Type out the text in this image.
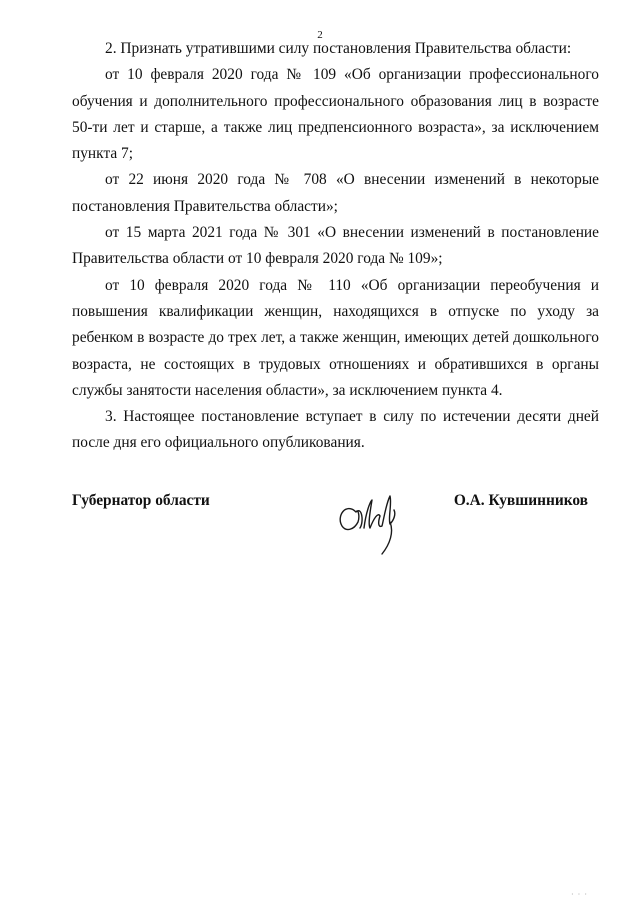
2

2. Признать утратившими силу постановления Правительства области:

от 10 февраля 2020 года № 109 «Об организации профессионального обучения и дополнительного профессионального образования лиц в возрасте 50-ти лет и старше, а также лиц предпенсионного возраста», за исключением пункта 7;

от 22 июня 2020 года № 708 «О внесении изменений в некоторые постановления Правительства области»;

от 15 марта 2021 года № 301 «О внесении изменений в постановление Правительства области от 10 февраля 2020 года № 109»;

от 10 февраля 2020 года № 110 «Об организации переобучения и повышения квалификации женщин, находящихся в отпуске по уходу за ребенком в возрасте до трех лет, а также женщин, имеющих детей дошкольного возраста, не состоящих в трудовых отношениях и обратившихся в органы службы занятости населения области», за исключением пункта 4.

3. Настоящее постановление вступает в силу по истечении десяти дней после дня его официального опубликования.

Губернатор области	О.А. Кувшинников
· · ·
